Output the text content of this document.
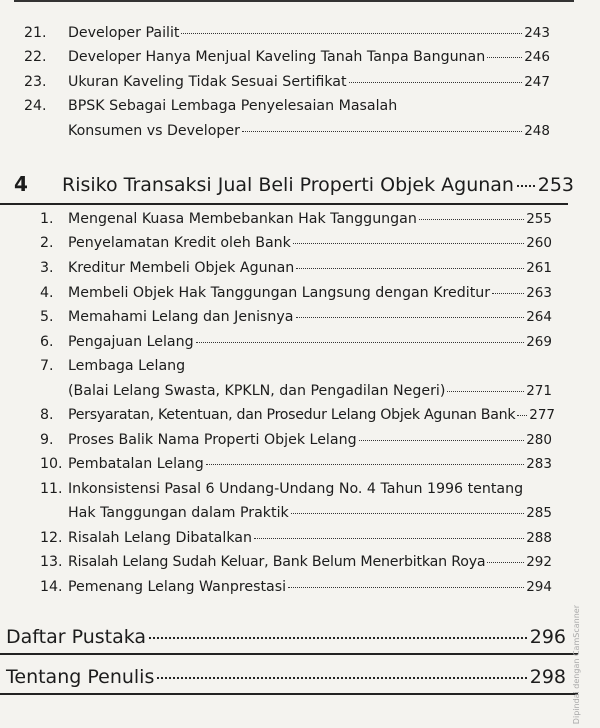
21.	Developer Pailit	243
22.	Developer Hanya Menjual Kaveling Tanah Tanpa Bangunan	246
23.	Ukuran Kaveling Tidak Sesuai Sertifikat	247
24. BPSK Sebagai Lembaga Penyelesaian Masalah
Konsumen vs Developer	248
4	Risiko Transaksi Jual Beli Properti Objek Agunan 253
1.	Mengenal Kuasa Membebankan Hak Tanggungan	255
2.	Penyelamatan Kredit oleh Bank	260
3.	Kreditur Membeli Objek Agunan	261
4.	Membeli Objek Hak Tanggungan Langsung dengan Kreditur	263
5.	Memahami Lelang dan Jenisnya	264
6.	Pengajuan Lelang	269
7. Lembaga Lelang
(Balai Lelang Swasta, KPKLN, dan Pengadilan Negeri)	271
8.	Persyaratan, Ketentuan, dan Prosedur Lelang Objek Agunan Bank 277
9.	Proses Balik Nama Properti Objek Lelang	280
10. Pembatalan Lelang	283
11. Inkonsistensi Pasal 6 Undang-Undang No. 4 Tahun 1996 tentang
Hak Tanggungan dalam Praktik	285
12. Risalah Lelang Dibatalkan	288
13. Risalah Lelang Sudah Keluar, Bank Belum Menerbitkan Roya	292
14. Pemenang Lelang Wanprestasi	294
Daftar Pustaka	296
Tentang Penulis	298 Dipindai dengan CamScanner
